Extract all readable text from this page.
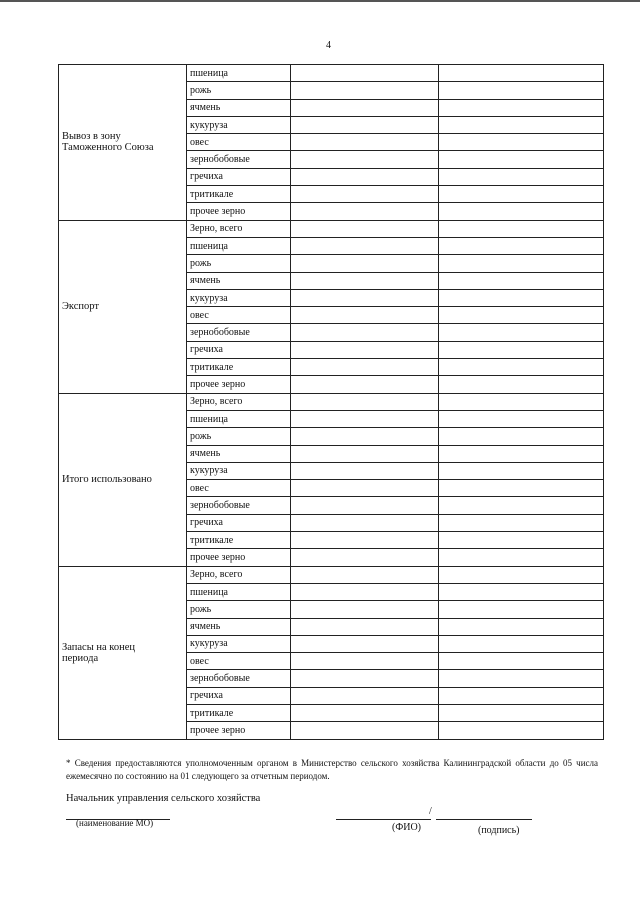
4
Вывоз в зону
Таможенного Союза	пшеница		
	рожь		
	ячмень		
	кукуруза		
	овес		
	зернобобовые		
	гречиха		
	тритикале		
	прочее зерно		

Экспорт	Зерно, всего		
	пшеница		
	рожь		
	ячмень		
	кукуруза		
	овес		
	зернобобовые		
	гречиха		
	тритикале		
	прочее зерно		

Итого использовано	Зерно, всего		
	пшеница		
	рожь		
	ячмень		
	кукуруза		
	овес		
	зернобобовые		
	гречиха		
	тритикале		
	прочее зерно		

Запасы на конец
периода	Зерно, всего		
	пшеница		
	рожь		
	ячмень		
	кукуруза		
	овес		
	зернобобовые		
	гречиха		
	тритикале		
	прочее зерно		
* Сведения предоставляются уполномоченным органом в Министерство сельского хозяйства Калининградской области до 05 числа ежемесячно по состоянию на 01 следующего за отчетным периодом.
Начальник управления сельского хозяйства
(наименование МО)
/
(ФИО)	(подпись)
